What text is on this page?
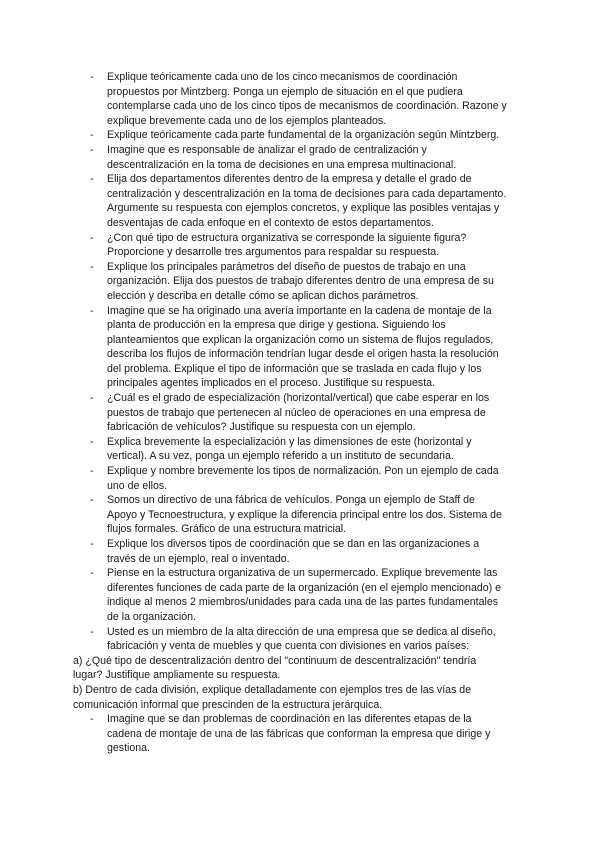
- Explique teóricamente cada uno de los cinco mecanismos de coordinación
propuestos por Mintzberg. Ponga un ejemplo de situación en el que pudiera
contemplarse cada uno de los cinco tipos de mecanismos de coordinación. Razone y
explique brevemente cada uno de los ejemplos planteados.
- Explique teóricamente cada parte fundamental de la organización según Mintzberg.
- Imagine que es responsable de analizar el grado de centralización y
descentralización en la toma de decisiones en una empresa multinacional.
- Elija dos departamentos diferentes dentro de la empresa y detalle el grado de
centralización y descentralización en la toma de decisiones para cada departamento.
Argumente su respuesta con ejemplos concretos, y explique las posibles ventajas y
desventajas de cada enfoque en el contexto de estos departamentos.
- ¿Con qué tipo de estructura organizativa se corresponde la siguiente figura?
Proporcione y desarrolle tres argumentos para respaldar su respuesta.
- Explique los principales parámetros del diseño de puestos de trabajo en una
organización. Elija dos puestos de trabajo diferentes dentro de una empresa de su
elección y describa en detalle cómo se aplican dichos parámetros.
- Imagine que se ha originado una avería importante en la cadena de montaje de la
planta de producción en la empresa que dirige y gestiona. Siguiendo los
planteamientos que explican la organización como un sistema de flujos regulados,
describa los flujos de información tendrían lugar desde el origen hasta la resolución
del problema. Explique el tipo de información que se traslada en cada flujo y los
principales agentes implicados en el proceso. Justifique su respuesta.
- ¿Cuál es el grado de especialización (horizontal/vertical) que cabe esperar en los
puestos de trabajo que pertenecen al núcleo de operaciones en una empresa de
fabricación de vehículos? Justifique su respuesta con un ejemplo.
- Explica brevemente la especialización y las dimensiones de este (horizontal y
vertical). A su vez, ponga un ejemplo referido a un instituto de secundaria.
- Explique y nombre brevemente los tipos de normalización. Pon un ejemplo de cada
uno de ellos.
- Somos un directivo de una fábrica de vehículos. Ponga un ejemplo de Staff de
Apoyo y Tecnoestructura, y explique la diferencia principal entre los dos. Sistema de
flujos formales. Gráfico de una estructura matricial.
- Explique los diversos tipos de coordinación que se dan en las organizaciones a
través de un ejemplo, real o inventado.
- Piense en la estructura organizativa de un supermercado. Explique brevemente las
diferentes funciones de cada parte de la organización (en el ejemplo mencionado) e
indique al menos 2 miembros/unidades para cada una de las partes fundamentales
de la organización.
- Usted es un miembro de la alta dirección de una empresa que se dedica al diseño,
fabricación y venta de muebles y que cuenta con divisiones en varios países:
a) ¿Qué tipo de descentralización dentro del "continuum de descentralización" tendría
lugar? Justifique ampliamente su respuesta.
b) Dentro de cada división, explique detalladamente con ejemplos tres de las vías de
comunicación informal que prescinden de la estructura jerárquica.
- Imagine que se dan problemas de coordinación en las diferentes etapas de la
cadena de montaje de una de las fábricas que conforman la empresa que dirige y
gestiona.
